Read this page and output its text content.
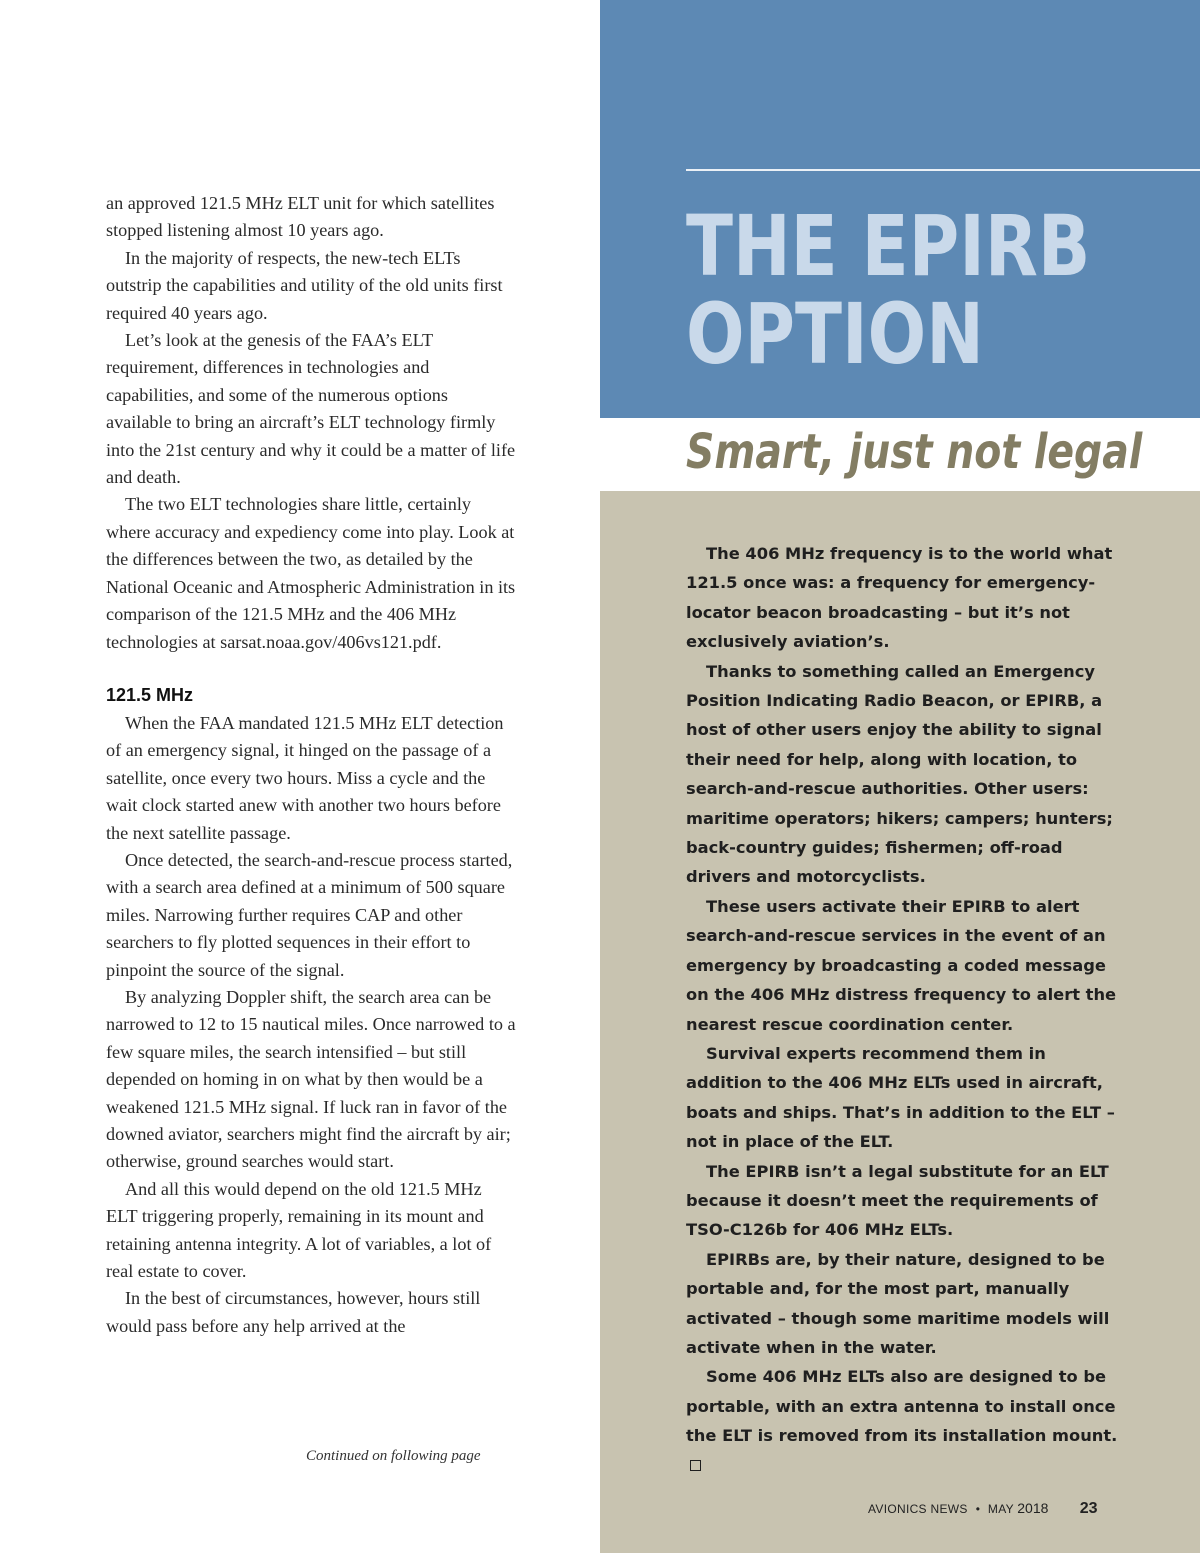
an approved 121.5 MHz ELT unit for which satellites stopped listening almost 10 years ago.

In the majority of respects, the new-tech ELTs outstrip the capabilities and utility of the old units first required 40 years ago.

Let’s look at the genesis of the FAA’s ELT requirement, differences in technologies and capabilities, and some of the numerous options available to bring an aircraft’s ELT technology firmly into the 21st century and why it could be a matter of life and death.

The two ELT technologies share little, certainly where accuracy and expediency come into play. Look at the differences between the two, as detailed by the National Oceanic and Atmospheric Administration in its comparison of the 121.5 MHz and the 406 MHz technologies at sarsat.noaa.gov/406vs121.pdf.

121.5 MHz

When the FAA mandated 121.5 MHz ELT detection of an emergency signal, it hinged on the passage of a satellite, once every two hours. Miss a cycle and the wait clock started anew with another two hours before the next satellite passage.

Once detected, the search-and-rescue process started, with a search area defined at a minimum of 500 square miles. Narrowing further requires CAP and other searchers to fly plotted sequences in their effort to pinpoint the source of the signal.

By analyzing Doppler shift, the search area can be narrowed to 12 to 15 nautical miles. Once narrowed to a few square miles, the search intensified – but still depended on homing in on what by then would be a weakened 121.5 MHz signal. If luck ran in favor of the downed aviator, searchers might find the aircraft by air; otherwise, ground searches would start.

And all this would depend on the old 121.5 MHz ELT triggering properly, remaining in its mount and retaining antenna integrity. A lot of variables, a lot of real estate to cover.

In the best of circumstances, however, hours still would pass before any help arrived at the

Continued on following page
THE EPIRB
OPTION
Smart, just not legal

The 406 MHz frequency is to the world what 121.5 once was: a frequency for emergency-locator beacon broadcasting – but it’s not exclusively aviation’s.

Thanks to something called an Emergency Position Indicating Radio Beacon, or EPIRB, a host of other users enjoy the ability to signal their need for help, along with location, to search-and-rescue authorities. Other users: maritime operators; hikers; campers; hunters; back-country guides; fishermen; off-road drivers and motorcyclists.

These users activate their EPIRB to alert search-and-rescue services in the event of an emergency by broadcasting a coded message on the 406 MHz distress frequency to alert the nearest rescue coordination center.

Survival experts recommend them in addition to the 406 MHz ELTs used in aircraft, boats and ships. That’s in addition to the ELT – not in place of the ELT.

The EPIRB isn’t a legal substitute for an ELT because it doesn’t meet the requirements of TSO-C126b for 406 MHz ELTs.

EPIRBs are, by their nature, designed to be portable and, for the most part, manually activated – though some maritime models will activate when in the water.

Some 406 MHz ELTs also are designed to be portable, with an extra antenna to install once the ELT is removed from its installation mount.

AVIONICS NEWS • MAY 2018 23
